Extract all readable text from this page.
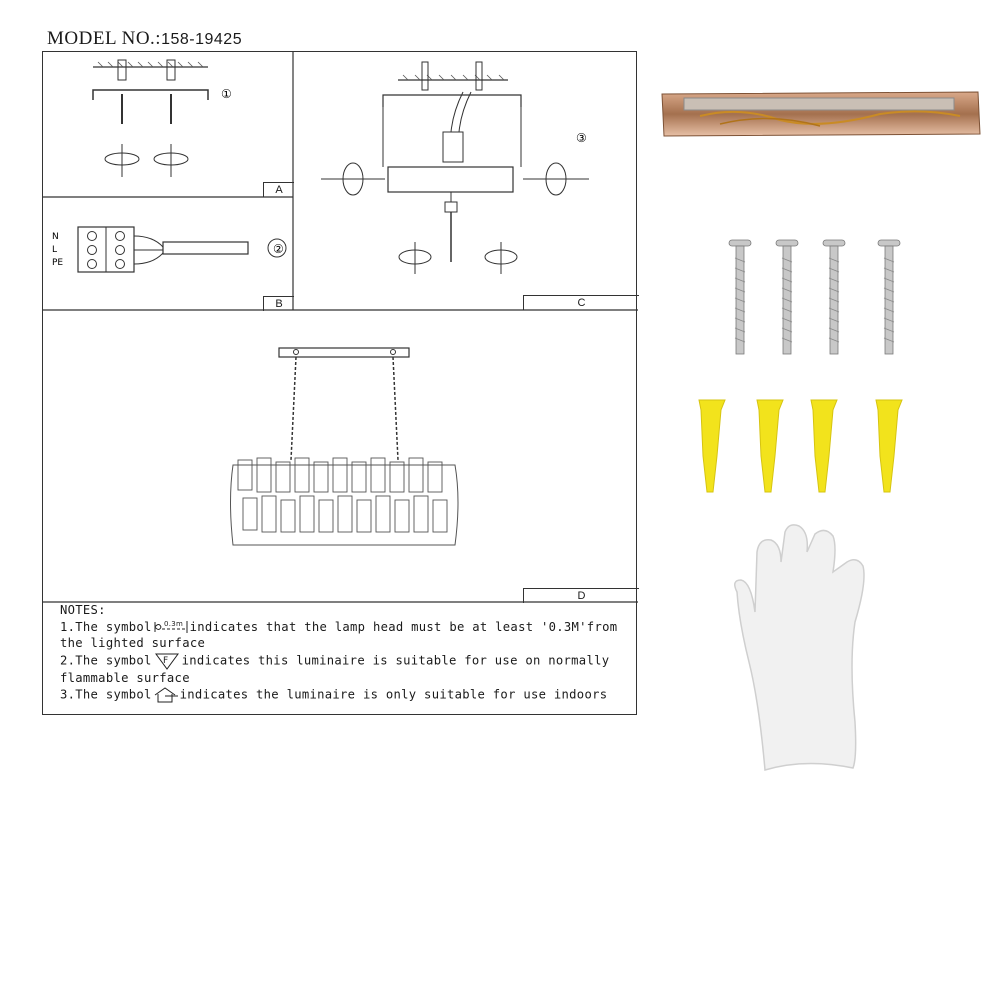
MODEL NO.:158-19425
①
A
②
N
L
PE
B
③
C
D
NOTES:
1.The symbol 0.3m indicates that the lamp head must be at least '0.3M'from
the lighted surface
2.The symbol F indicates this luminaire is suitable for use on normally
flammable surface
3.The symbol indicates the luminaire is only suitable for use indoors
